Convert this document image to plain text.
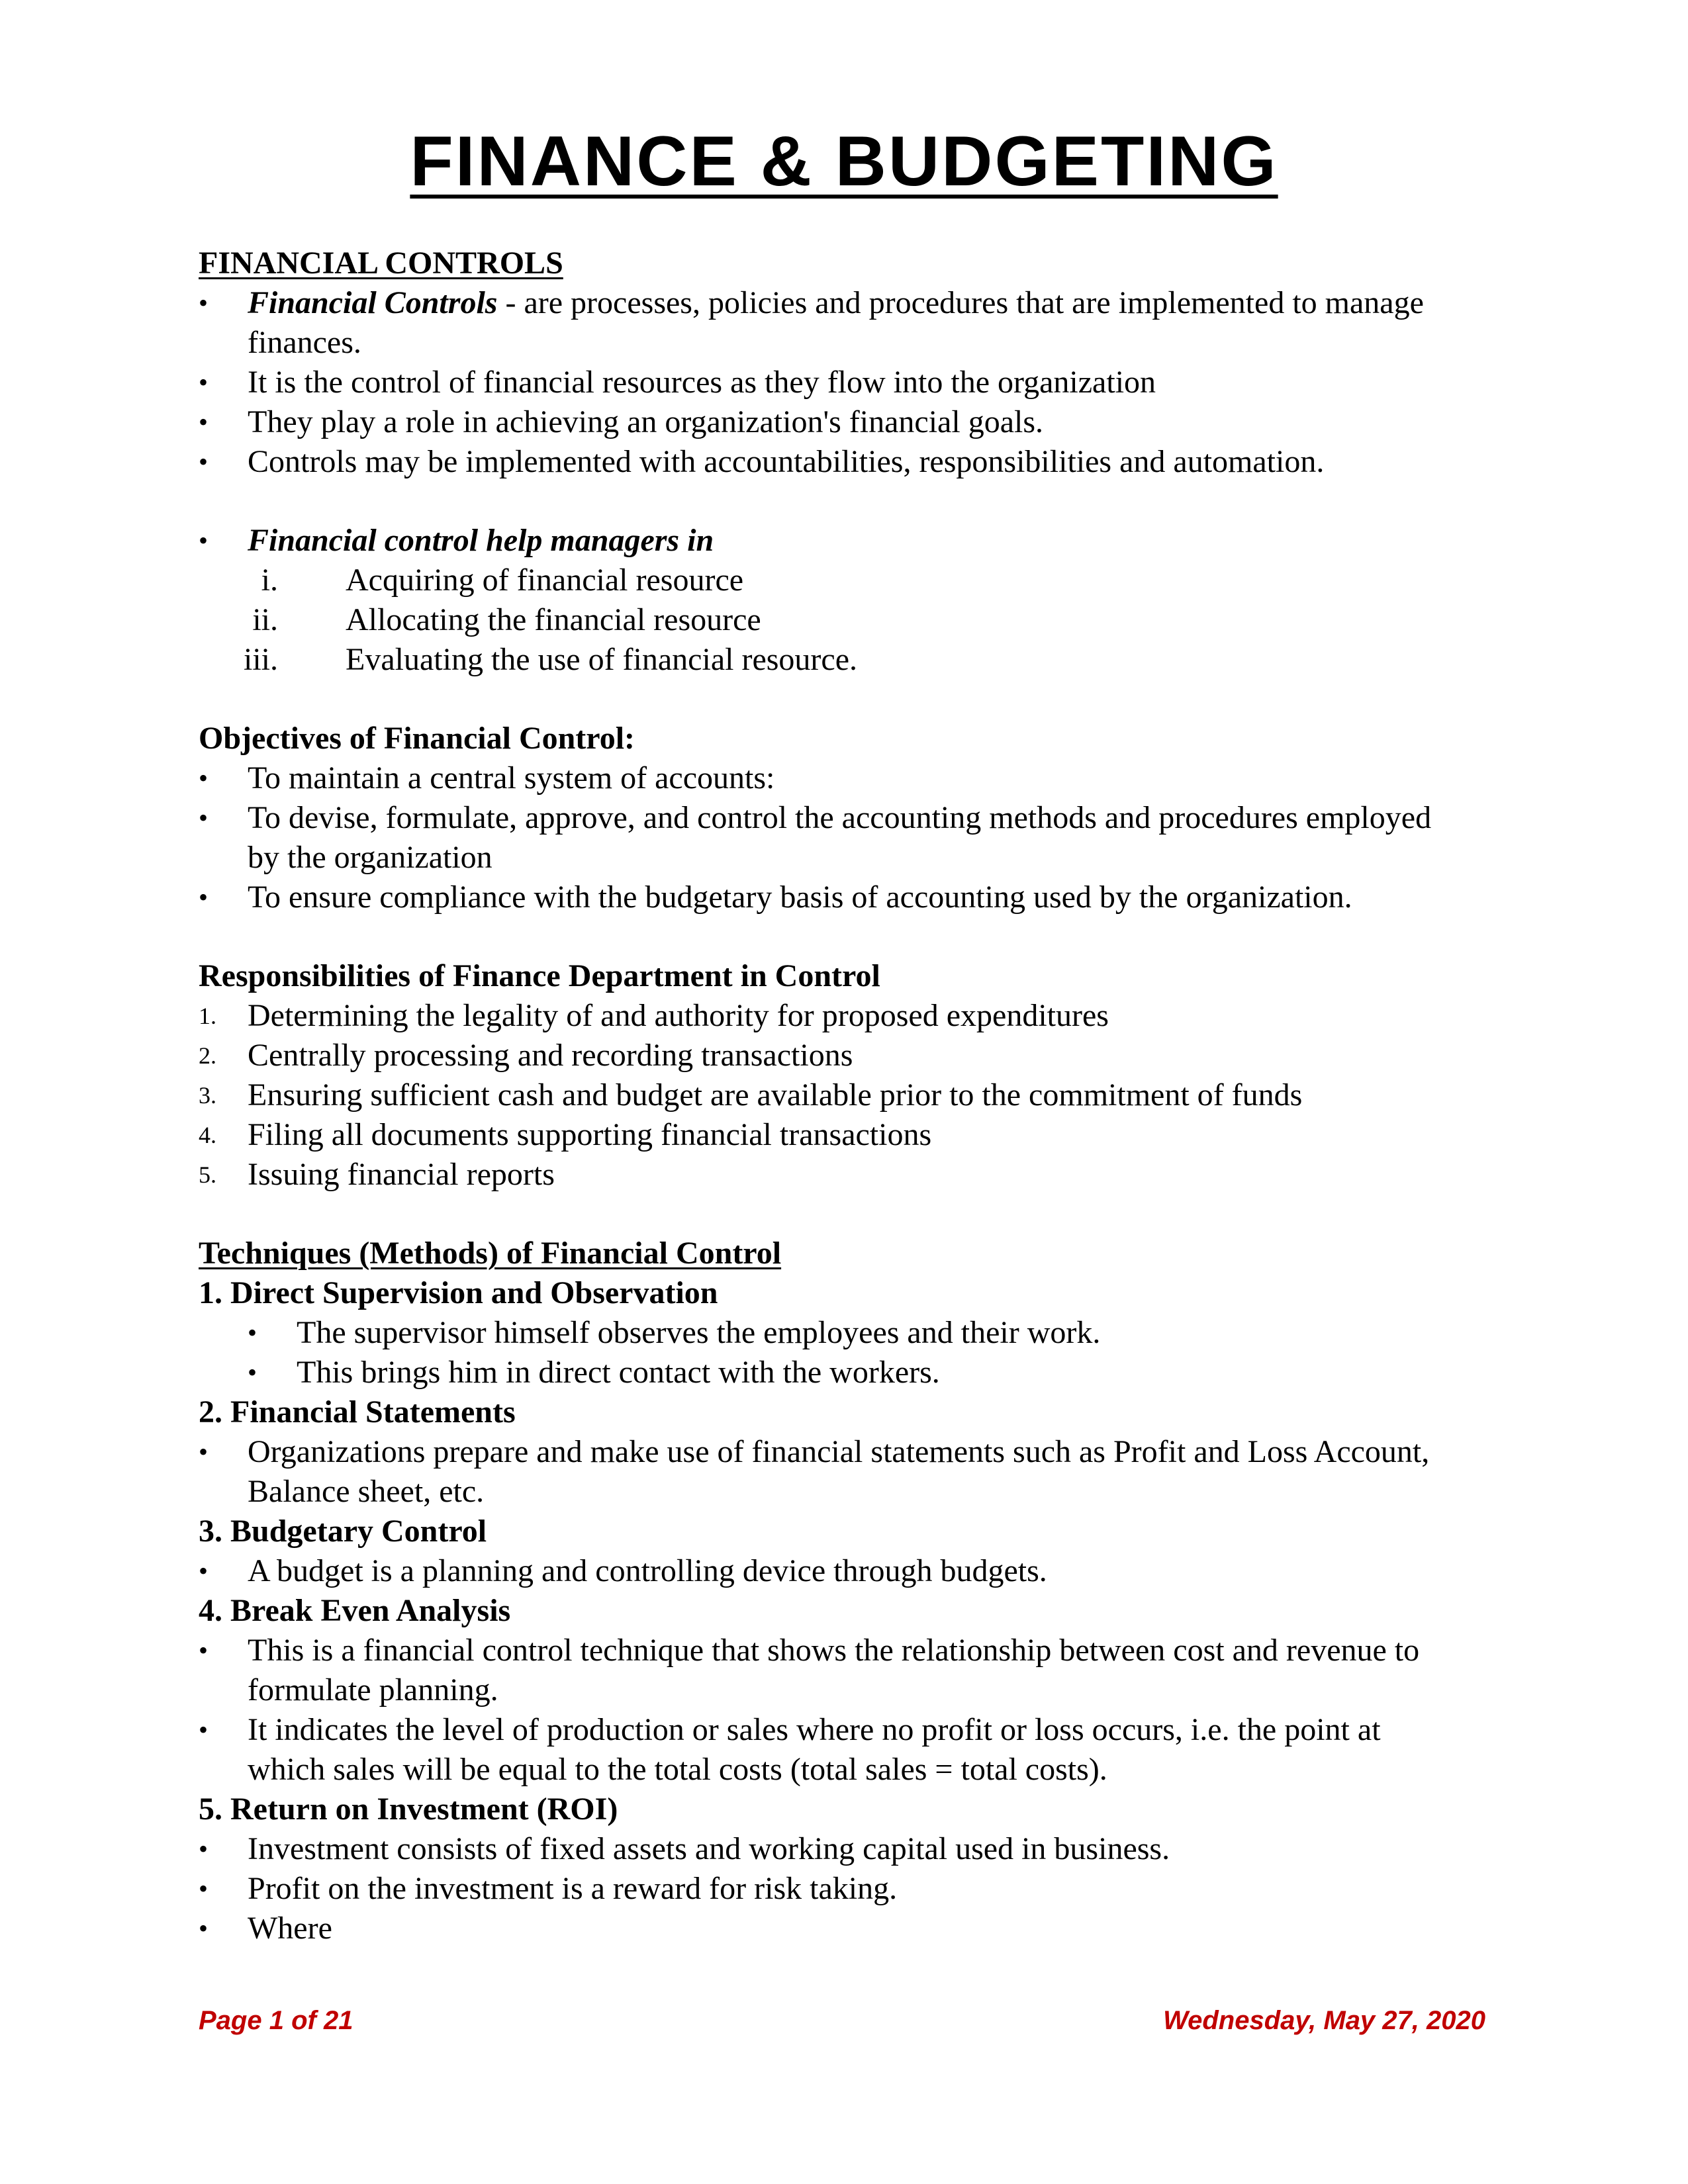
FINANCE & BUDGETING
FINANCIAL CONTROLS
• Financial Controls - are processes, policies and procedures that are implemented to manage
finances.
• It is the control of financial resources as they flow into the organization
• They play a role in achieving an organization's financial goals.
• Controls may be implemented with accountabilities, responsibilities and automation.
• Financial control help managers in
i. Acquiring of financial resource
ii. Allocating the financial resource
iii. Evaluating the use of financial resource.
Objectives of Financial Control:
• To maintain a central system of accounts:
• To devise, formulate, approve, and control the accounting methods and procedures employed
by the organization
• To ensure compliance with the budgetary basis of accounting used by the organization.
Responsibilities of Finance Department in Control
1. Determining the legality of and authority for proposed expenditures
2. Centrally processing and recording transactions
3. Ensuring sufficient cash and budget are available prior to the commitment of funds
4. Filing all documents supporting financial transactions
5. Issuing financial reports
Techniques (Methods) of Financial Control
1. Direct Supervision and Observation
• The supervisor himself observes the employees and their work.
• This brings him in direct contact with the workers.
2. Financial Statements
• Organizations prepare and make use of financial statements such as Profit and Loss Account,
Balance sheet, etc.
3. Budgetary Control
• A budget is a planning and controlling device through budgets.
4. Break Even Analysis
• This is a financial control technique that shows the relationship between cost and revenue to
formulate planning.
• It indicates the level of production or sales where no profit or loss occurs, i.e. the point at
which sales will be equal to the total costs (total sales = total costs).
5. Return on Investment (ROI)
• Investment consists of fixed assets and working capital used in business.
• Profit on the investment is a reward for risk taking.
• Where
Page 1 of 21	Wednesday, May 27, 2020
